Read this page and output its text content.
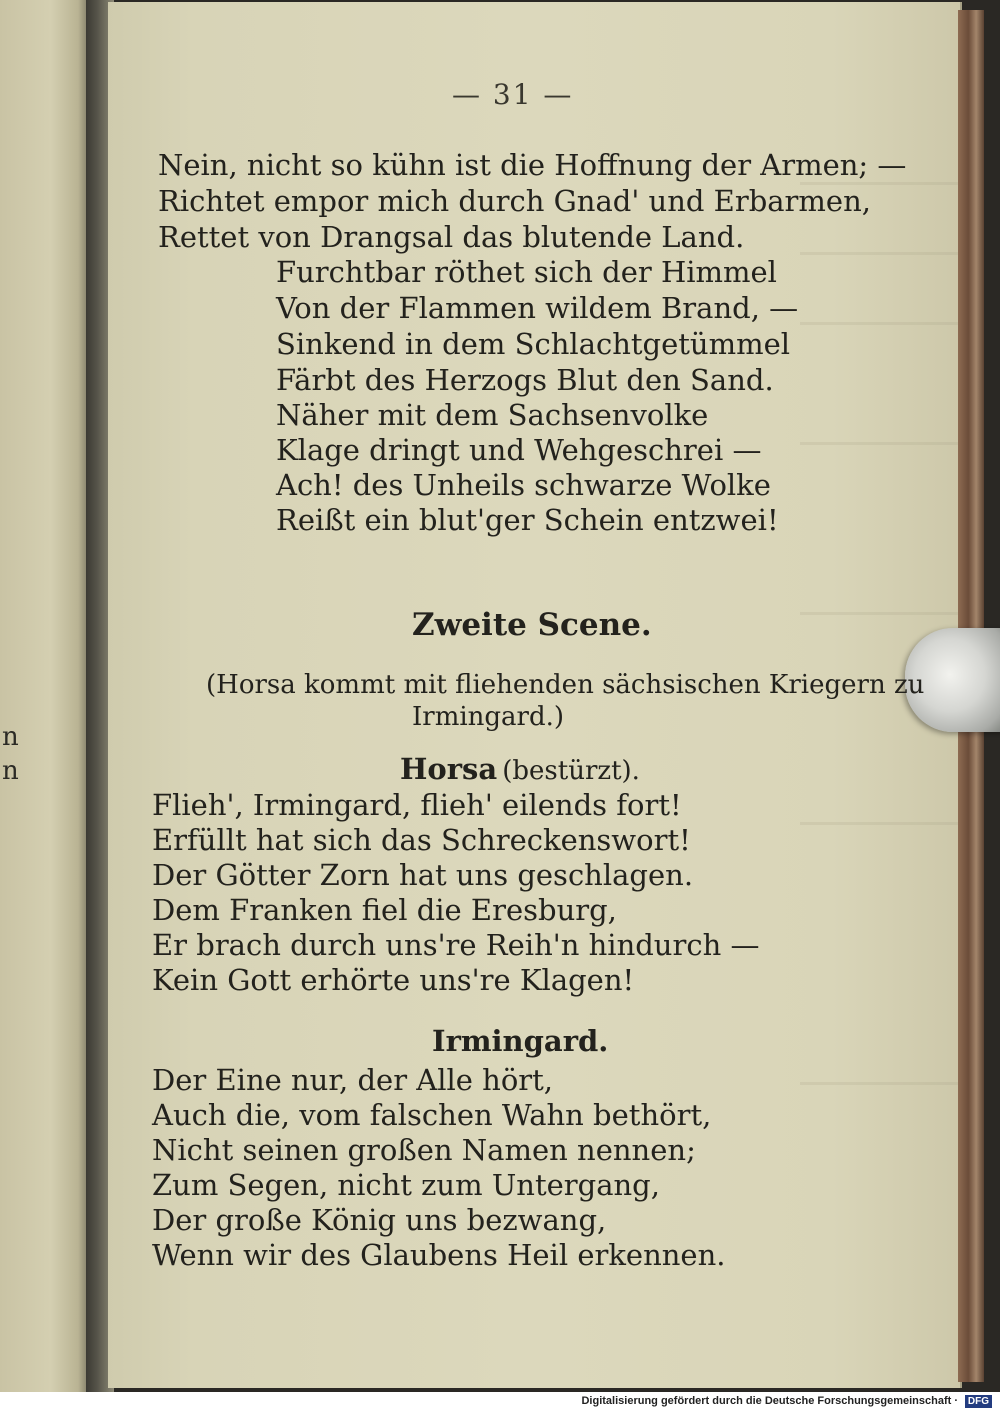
n
n
— 31 —
Nein, nicht so kühn ist die Hoffnung der Armen; —
Richtet empor mich durch Gnad' und Erbarmen,
Rettet von Drangsal das blutende Land.
Furchtbar röthet sich der Himmel
Von der Flammen wildem Brand, —
Sinkend in dem Schlachtgetümmel
Färbt des Herzogs Blut den Sand.
Näher mit dem Sachsenvolke
Klage dringt und Wehgeschrei —
Ach! des Unheils schwarze Wolke
Reißt ein blut'ger Schein entzwei!
Zweite Scene.
(Horsa kommt mit fliehenden sächsischen Kriegern zu
Irmingard.)
Horsa (bestürzt).
Flieh', Irmingard, flieh' eilends fort!
Erfüllt hat sich das Schreckenswort!
Der Götter Zorn hat uns geschlagen.
Dem Franken fiel die Eresburg,
Er brach durch uns're Reih'n hindurch —
Kein Gott erhörte uns're Klagen!
Irmingard.
Der Eine nur, der Alle hört,
Auch die, vom falschen Wahn bethört,
Nicht seinen großen Namen nennen;
Zum Segen, nicht zum Untergang,
Der große König uns bezwang,
Wenn wir des Glaubens Heil erkennen.
Digitalisierung gefördert durch die Deutsche Forschungsgemeinschaft · DFG
